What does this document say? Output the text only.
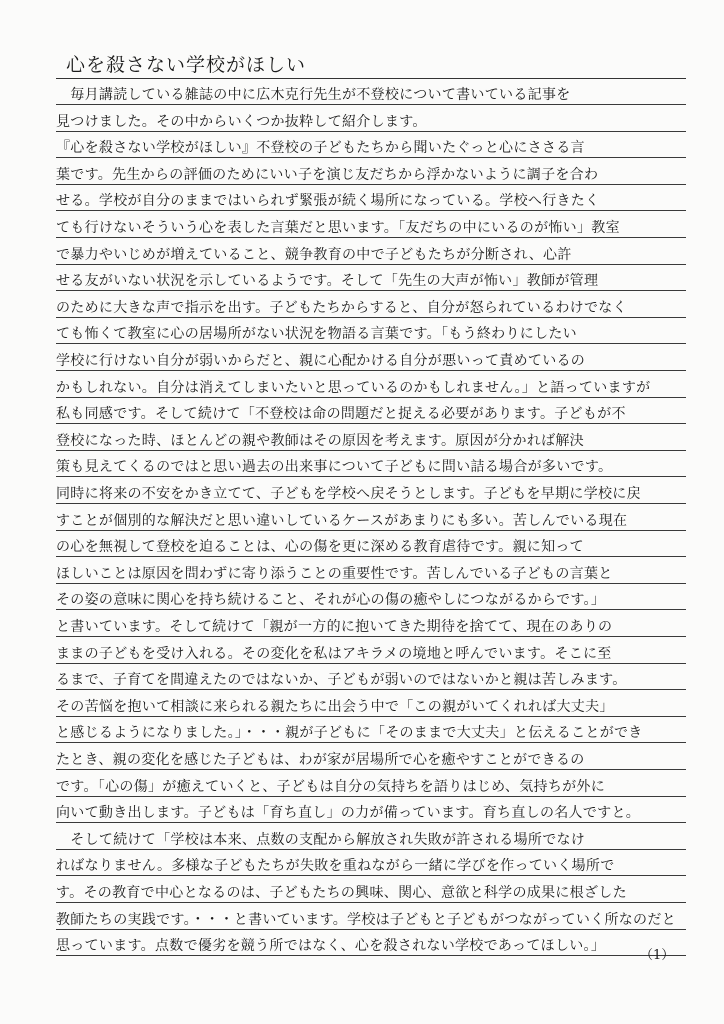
心を殺さない学校がほしい
　毎月講読している雑誌の中に広木克行先生が不登校について書いている記事を
見つけました。その中からいくつか抜粋して紹介します。
『心を殺さない学校がほしい』不登校の子どもたちから聞いたぐっと心にささる言
葉です。先生からの評価のためにいい子を演じ友だちから浮かないように調子を合わ
せる。学校が自分のままではいられず緊張が続く場所になっている。学校へ行きたく
ても行けないそういう心を表した言葉だと思います。「友だちの中にいるのが怖い」教室
で暴力やいじめが増えていること、競争教育の中で子どもたちが分断され、心許
せる友がいない状況を示しているようです。そして「先生の大声が怖い」教師が管理
のために大きな声で指示を出す。子どもたちからすると、自分が怒られているわけでなく
ても怖くて教室に心の居場所がない状況を物語る言葉です。「もう終わりにしたい
学校に行けない自分が弱いからだと、親に心配かける自分が悪いって責めているの
かもしれない。自分は消えてしまいたいと思っているのかもしれません。」と語っていますが
私も同感です。そして続けて「不登校は命の問題だと捉える必要があります。子どもが不
登校になった時、ほとんどの親や教師はその原因を考えます。原因が分かれば解決
策も見えてくるのではと思い過去の出来事について子どもに問い詰る場合が多いです。
同時に将来の不安をかき立てて、子どもを学校へ戻そうとします。子どもを早期に学校に戻
すことが個別的な解決だと思い違いしているケースがあまりにも多い。苦しんでいる現在
の心を無視して登校を迫ることは、心の傷を更に深める教育虐待です。親に知って
ほしいことは原因を問わずに寄り添うことの重要性です。苦しんでいる子どもの言葉と
その姿の意味に関心を持ち続けること、それが心の傷の癒やしにつながるからです。」
と書いています。そして続けて「親が一方的に抱いてきた期待を捨てて、現在のありの
ままの子どもを受け入れる。その変化を私はアキラメの境地と呼んでいます。そこに至
るまで、子育てを間違えたのではないか、子どもが弱いのではないかと親は苦しみます。
その苦悩を抱いて相談に来られる親たちに出会う中で「この親がいてくれれば大丈夫」
と感じるようになりました。」・・・親が子どもに「そのままで大丈夫」と伝えることができ
たとき、親の変化を感じた子どもは、わが家が居場所で心を癒やすことができるの
です。「心の傷」が癒えていくと、子どもは自分の気持ちを語りはじめ、気持ちが外に
向いて動き出します。子どもは「育ち直し」の力が備っています。育ち直しの名人ですと。
　そして続けて「学校は本来、点数の支配から解放され失敗が許される場所でなけ
ればなりません。多様な子どもたちが失敗を重ねながら一緒に学びを作っていく場所で
す。その教育で中心となるのは、子どもたちの興味、関心、意欲と科学の成果に根ざした
教師たちの実践です。・・・と書いています。学校は子どもと子どもがつながっていく所なのだと
思っています。点数で優劣を競う所ではなく、心を殺されない学校であってほしい。」
（1）
